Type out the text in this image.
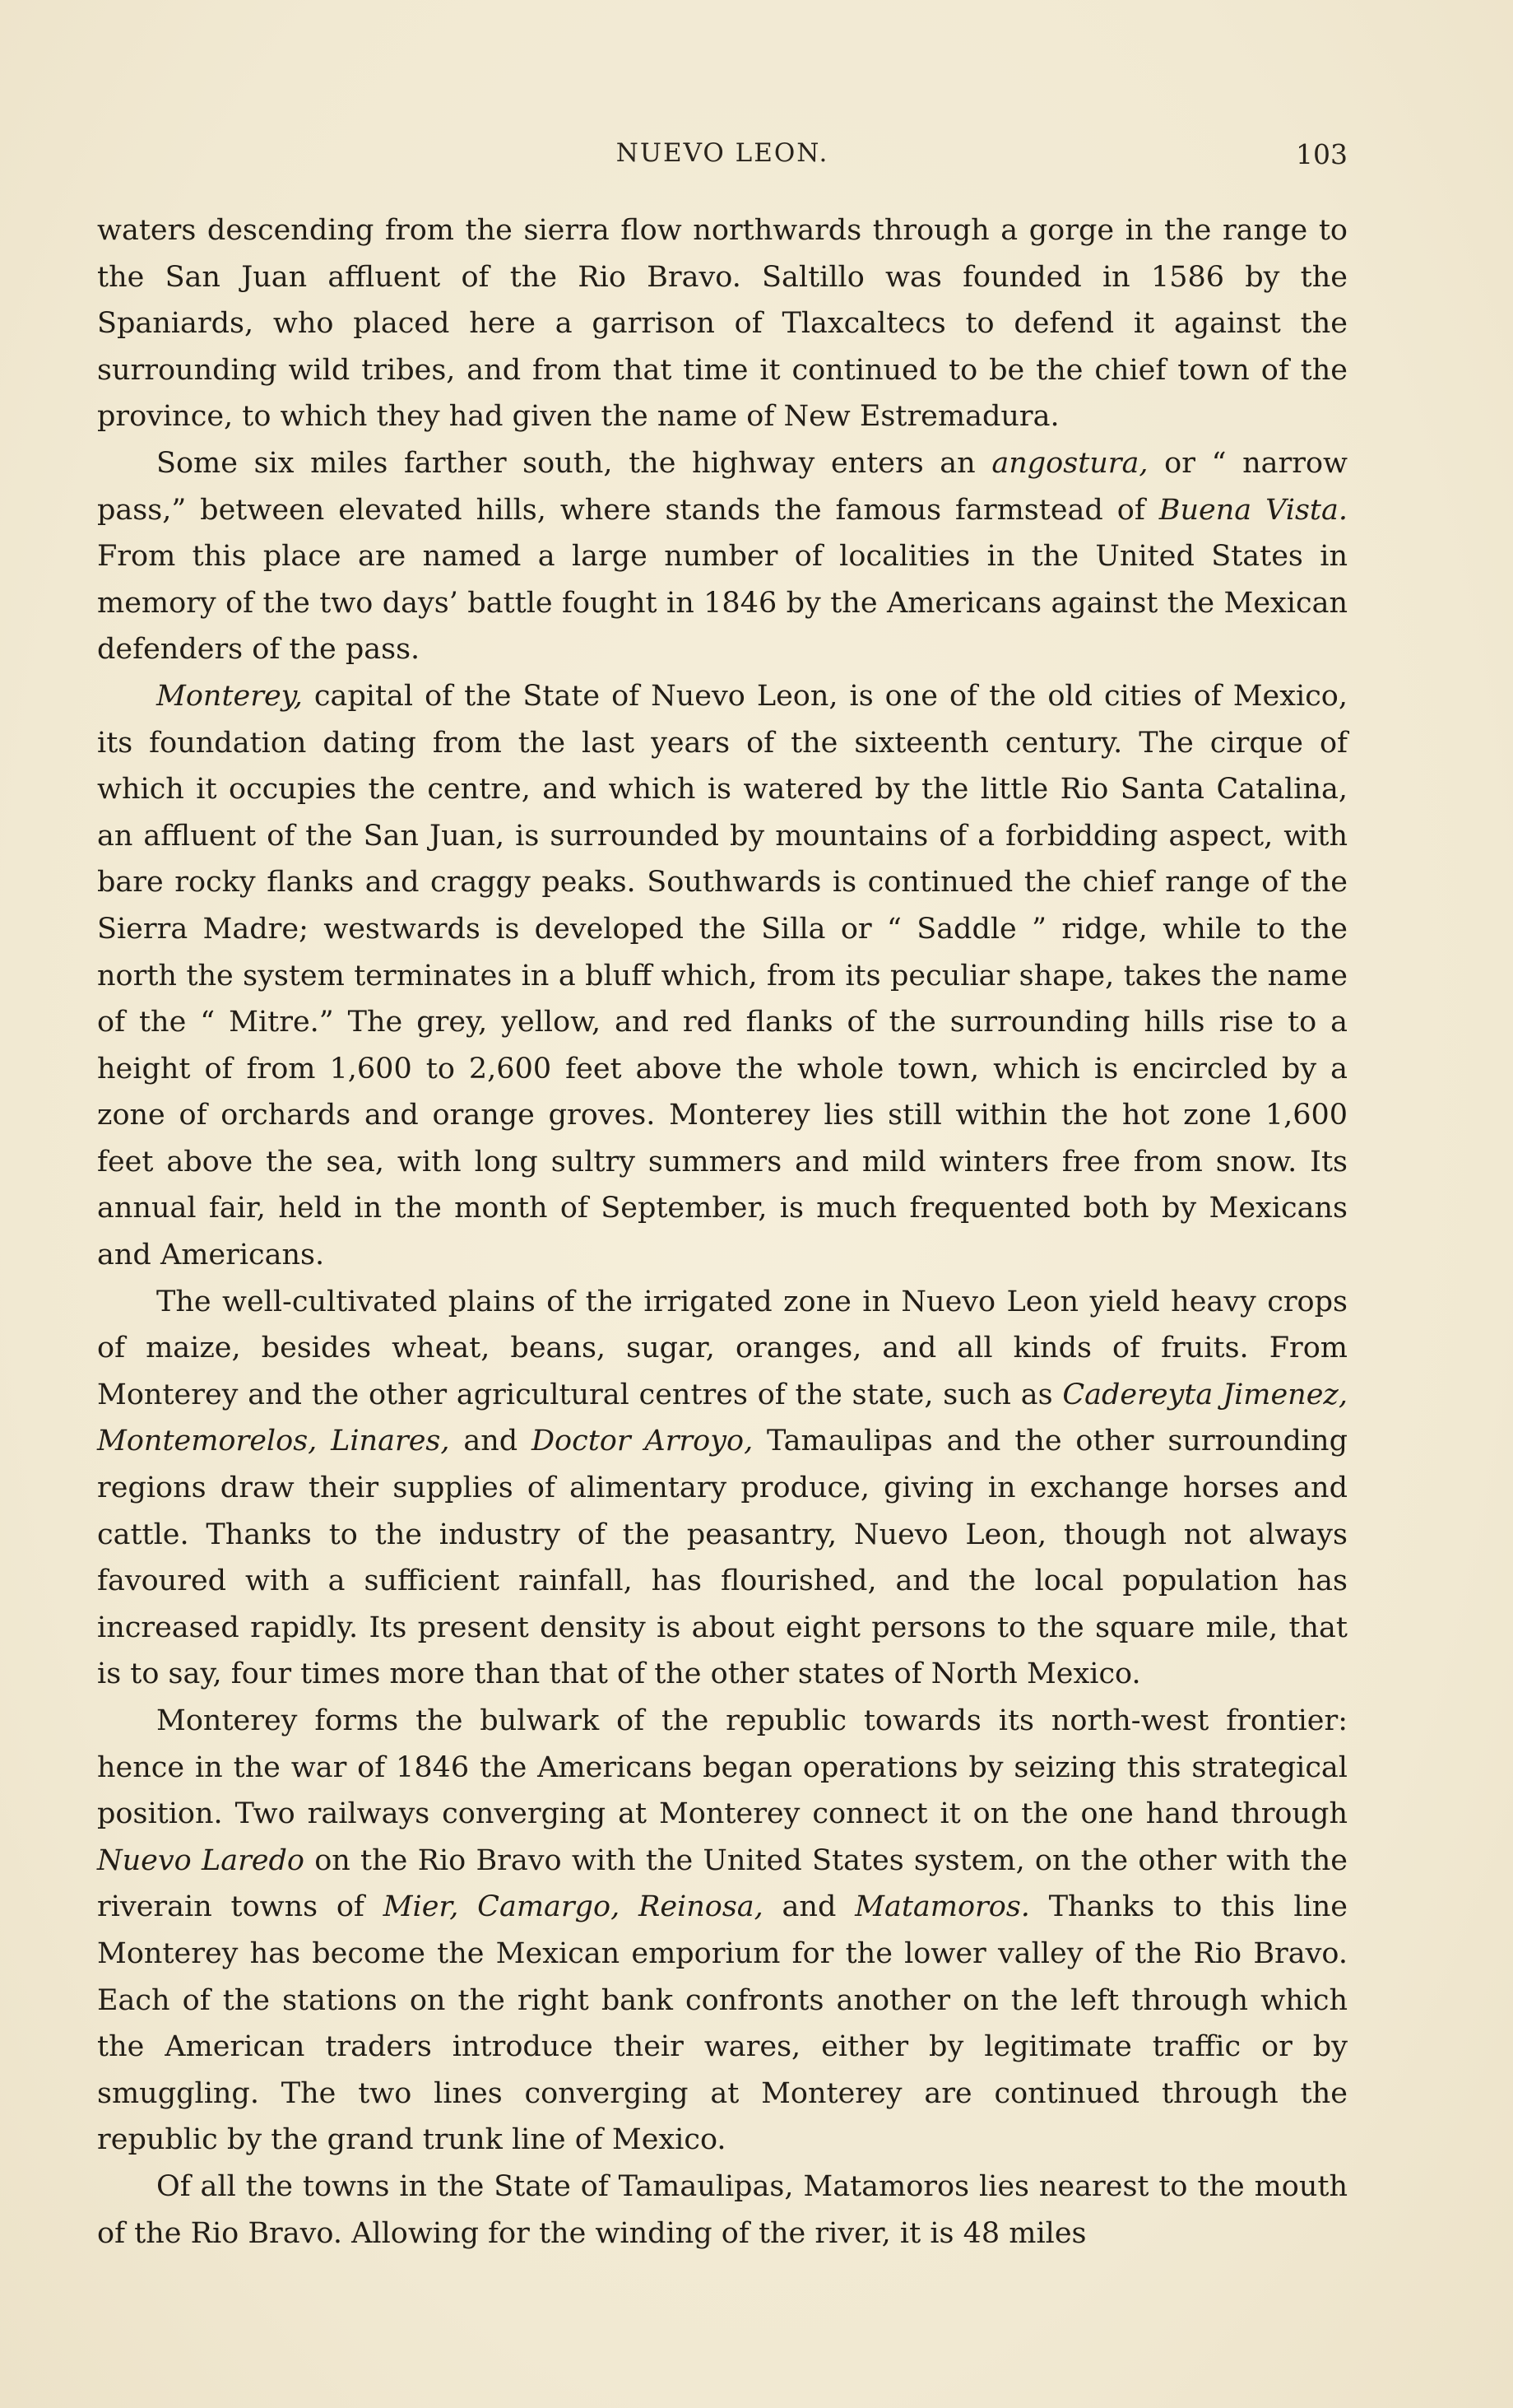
NUEVO LEON.	103

waters descending from the sierra flow northwards through a gorge in the range to the San Juan affluent of the Rio Bravo. Saltillo was founded in 1586 by the Spaniards, who placed here a garrison of Tlaxcaltecs to defend it against the surrounding wild tribes, and from that time it continued to be the chief town of the province, to which they had given the name of New Estremadura.

Some six miles farther south, the highway enters an angostura, or “ narrow pass,” between elevated hills, where stands the famous farmstead of Buena Vista. From this place are named a large number of localities in the United States in memory of the two days’ battle fought in 1846 by the Americans against the Mexican defenders of the pass.

Monterey, capital of the State of Nuevo Leon, is one of the old cities of Mexico, its foundation dating from the last years of the sixteenth century. The cirque of which it occupies the centre, and which is watered by the little Rio Santa Catalina, an affluent of the San Juan, is surrounded by mountains of a forbidding aspect, with bare rocky flanks and craggy peaks. Southwards is continued the chief range of the Sierra Madre; westwards is developed the Silla or “ Saddle ” ridge, while to the north the system terminates in a bluff which, from its peculiar shape, takes the name of the “ Mitre.” The grey, yellow, and red flanks of the surrounding hills rise to a height of from 1,600 to 2,600 feet above the whole town, which is encircled by a zone of orchards and orange groves. Monterey lies still within the hot zone 1,600 feet above the sea, with long sultry summers and mild winters free from snow. Its annual fair, held in the month of September, is much frequented both by Mexicans and Americans.

The well-cultivated plains of the irrigated zone in Nuevo Leon yield heavy crops of maize, besides wheat, beans, sugar, oranges, and all kinds of fruits. From Monterey and the other agricultural centres of the state, such as Cadereyta Jimenez, Montemorelos, Linares, and Doctor Arroyo, Tamaulipas and the other surrounding regions draw their supplies of alimentary produce, giving in exchange horses and cattle. Thanks to the industry of the peasantry, Nuevo Leon, though not always favoured with a sufficient rainfall, has flourished, and the local population has increased rapidly. Its present density is about eight persons to the square mile, that is to say, four times more than that of the other states of North Mexico.

Monterey forms the bulwark of the republic towards its north-west frontier: hence in the war of 1846 the Americans began operations by seizing this strategical position. Two railways converging at Monterey connect it on the one hand through Nuevo Laredo on the Rio Bravo with the United States system, on the other with the riverain towns of Mier, Camargo, Reinosa, and Matamoros. Thanks to this line Monterey has become the Mexican emporium for the lower valley of the Rio Bravo. Each of the stations on the right bank confronts another on the left through which the American traders introduce their wares, either by legitimate traffic or by smuggling. The two lines converging at Monterey are continued through the republic by the grand trunk line of Mexico.

Of all the towns in the State of Tamaulipas, Matamoros lies nearest to the mouth of the Rio Bravo. Allowing for the winding of the river, it is 48 miles
